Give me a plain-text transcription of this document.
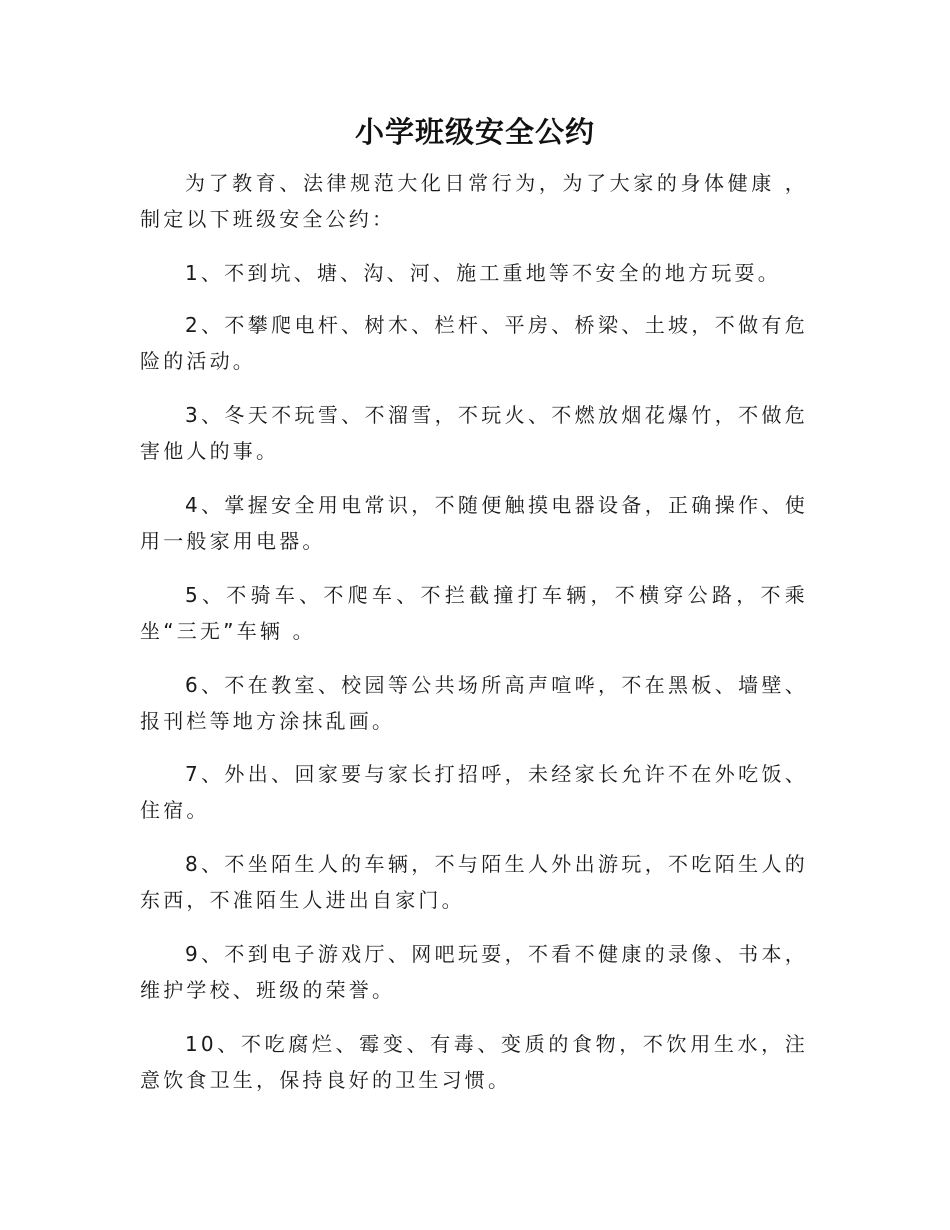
小学班级安全公约

为了教育、法律规范大化日常行为，为了大家的身体健康 ，制定以下班级安全公约：

1、不到坑、塘、沟、河、施工重地等不安全的地方玩耍。

2、不攀爬电杆、树木、栏杆、平房、桥梁、土坡，不做有危险的活动。

3、冬天不玩雪、不溜雪，不玩火、不燃放烟花爆竹，不做危害他人的事。

4、掌握安全用电常识，不随便触摸电器设备，正确操作、使用一般家用电器。

5、不骑车、不爬车、不拦截撞打车辆，不横穿公路，不乘坐“三无”车辆 。

6、不在教室、校园等公共场所高声喧哗，不在黑板、墙壁、报刊栏等地方涂抹乱画。

7、外出、回家要与家长打招呼，未经家长允许不在外吃饭、住宿。

8、不坐陌生人的车辆，不与陌生人外出游玩，不吃陌生人的东西，不准陌生人进出自家门。

9、不到电子游戏厅、网吧玩耍，不看不健康的录像、书本，维护学校、班级的荣誉。

10、不吃腐烂、霉变、有毒、变质的食物，不饮用生水，注意饮食卫生，保持良好的卫生习惯。
